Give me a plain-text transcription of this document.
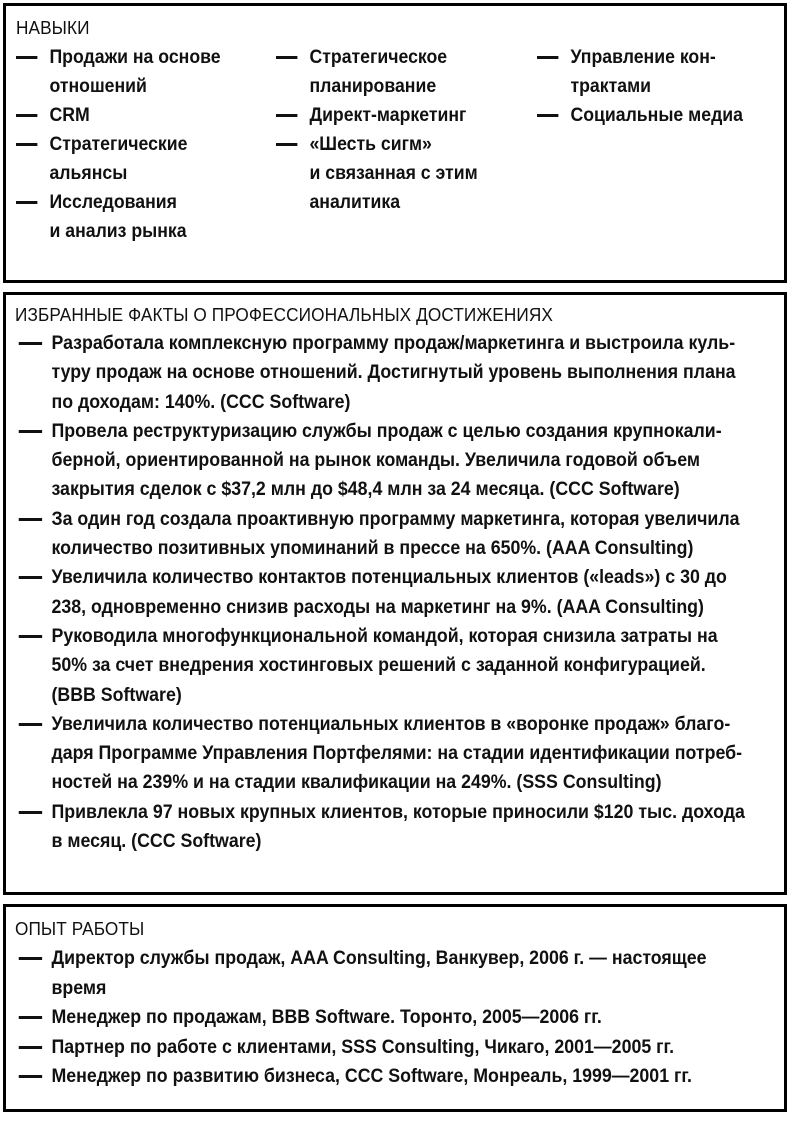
НАВЫКИ
Продажи на основе
отношений
CRM
Стратегические
альянсы
Исследования
и анализ рынка
Стратегическое
планирование
Директ-маркетинг
«Шесть сигм»
и связанная с этим
аналитика
Управление кон-
трактами
Социальные медиа
ИЗБРАННЫЕ ФАКТЫ О ПРОФЕССИОНАЛЬНЫХ ДОСТИЖЕНИЯХ
Разработала комплексную программу продаж/маркетинга и выстроила куль-
туру продаж на основе отношений. Достигнутый уровень выполнения плана
по доходам: 140%. (CCC Software)
Провела реструктуризацию службы продаж с целью создания крупнокали-
берной, ориентированной на рынок команды. Увеличила годовой объем
закрытия сделок с $37,2 млн до $48,4 млн за 24 месяца. (CCC Software)
За один год создала проактивную программу маркетинга, которая увеличила
количество позитивных упоминаний в прессе на 650%. (AAA Consulting)
Увеличила количество контактов потенциальных клиентов («leads») с 30 до
238, одновременно снизив расходы на маркетинг на 9%. (AAA Consulting)
Руководила многофункциональной командой, которая снизила затраты на
50% за счет внедрения хостинговых решений с заданной конфигурацией.
(BBB Software)
Увеличила количество потенциальных клиентов в «воронке продаж» благо-
даря Программе Управления Портфелями: на стадии идентификации потреб-
ностей на 239% и на стадии квалификации на 249%. (SSS Consulting)
Привлекла 97 новых крупных клиентов, которые приносили $120 тыс. дохода
в месяц. (CCC Software)
ОПЫТ РАБОТЫ
Директор службы продаж, AAA Consulting, Ванкувер, 2006 г. — настоящее
время
Менеджер по продажам, BBB Software. Торонто, 2005—2006 гг.
Партнер по работе с клиентами, SSS Consulting, Чикаго, 2001—2005 гг.
Менеджер по развитию бизнеса, CCC Software, Монреаль, 1999—2001 гг.
